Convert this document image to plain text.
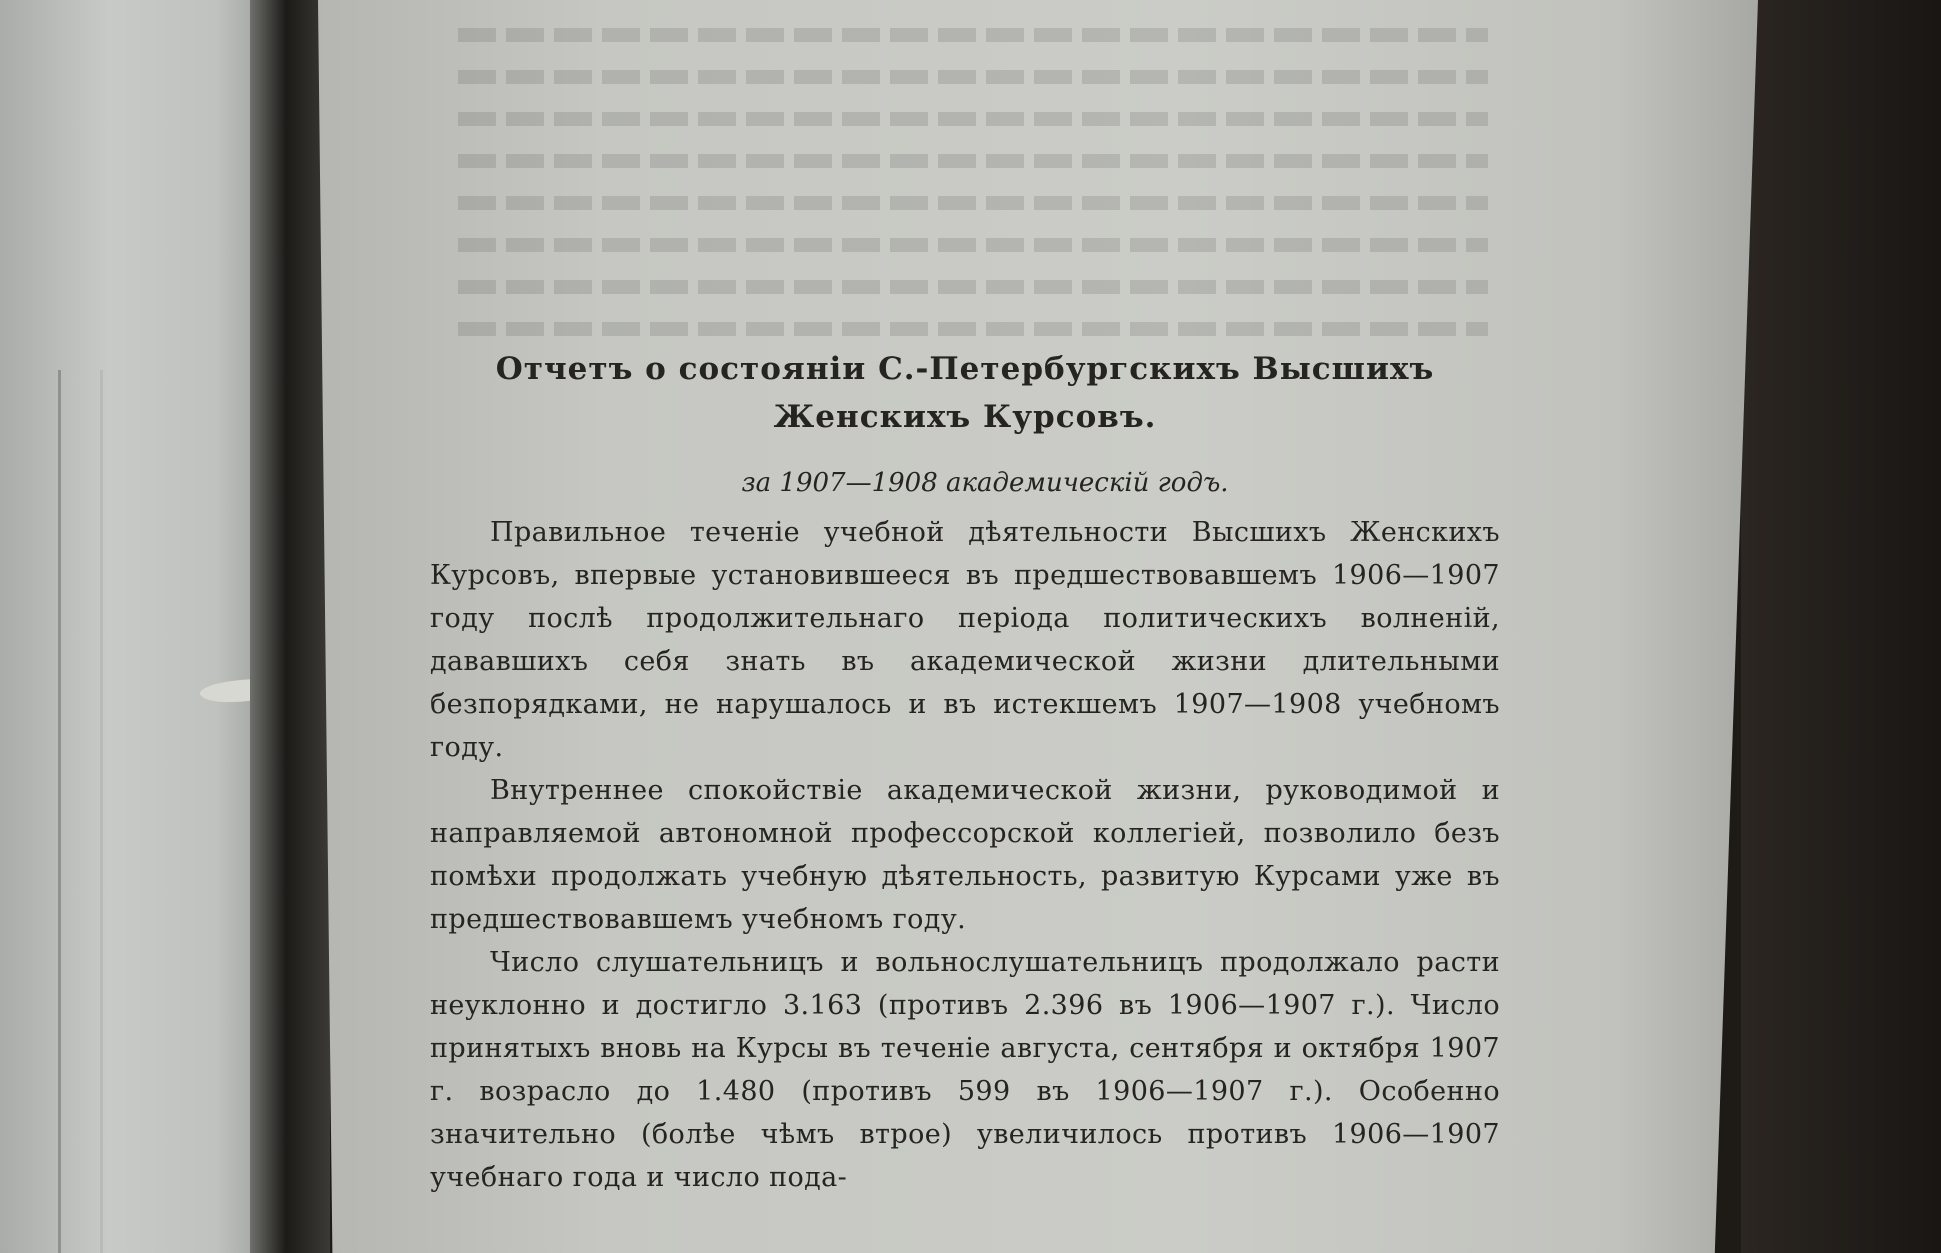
Отчетъ о состояніи С.-Петербургскихъ Высшихъ
Женскихъ Курсовъ.
за 1907—1908 академическій годъ.

Правильное теченіе учебной дѣятельности Высшихъ Женскихъ Курсовъ, впервые установившееся въ предшествовавшемъ 1906—1907 году послѣ продолжительнаго періода политическихъ волненій, дававшихъ себя знать въ академической жизни длительными безпорядками, не нарушалось и въ истекшемъ 1907—1908 учебномъ году.

Внутреннее спокойствіе академической жизни, руководимой и направляемой автономной профессорской коллегіей, позволило безъ помѣхи продолжать учебную дѣятельность, развитую Курсами уже въ предшествовавшемъ учебномъ году.

Число слушательницъ и вольнослушательницъ продолжало расти неуклонно и достигло 3.163 (противъ 2.396 въ 1906—1907 г.). Число принятыхъ вновь на Курсы въ теченіе августа, сентября и октября 1907 г. возрасло до 1.480 (противъ 599 въ 1906—1907 г.). Особенно значительно (болѣе чѣмъ втрое) увеличилось противъ 1906—1907 учебнаго года и число пода-
